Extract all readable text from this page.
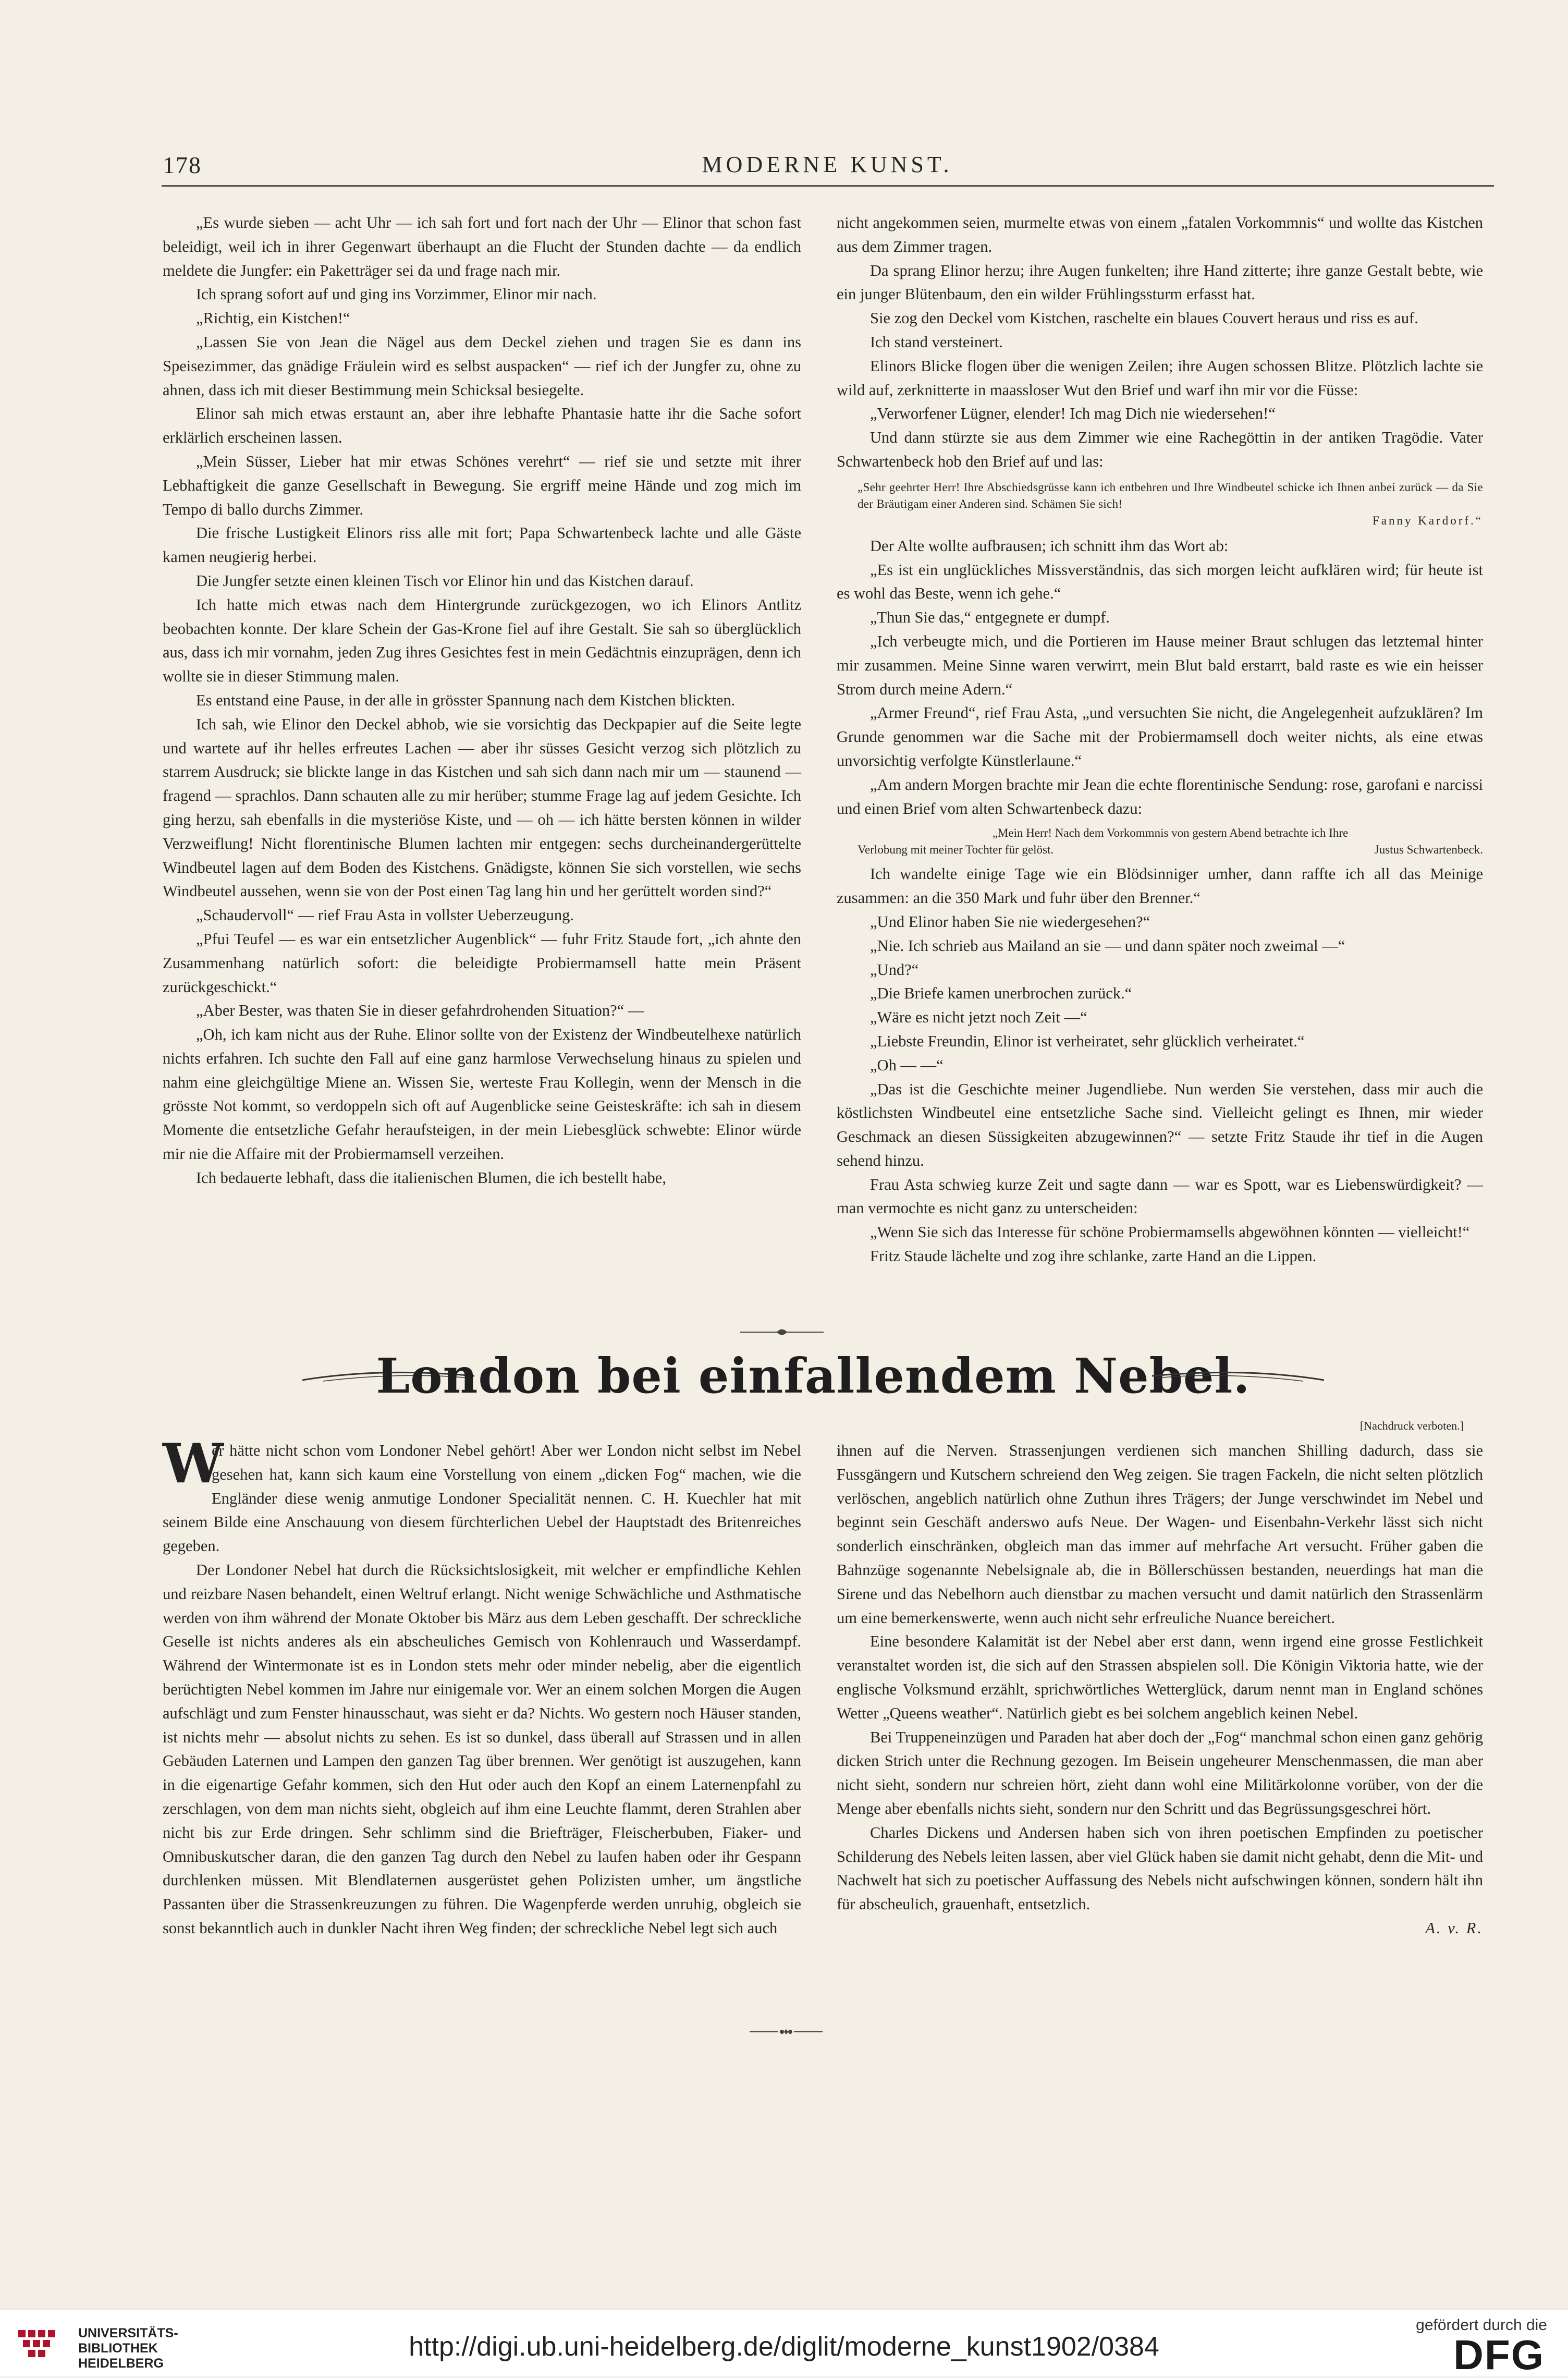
178	MODERNE KUNST.

„Es wurde sieben — acht Uhr — ich sah fort und fort nach der Uhr — Elinor that schon fast beleidigt, weil ich in ihrer Gegenwart überhaupt an die Flucht der Stunden dachte — da endlich meldete die Jungfer: ein Paketträger sei da und frage nach mir.

Ich sprang sofort auf und ging ins Vorzimmer, Elinor mir nach.

„Richtig, ein Kistchen!“

„Lassen Sie von Jean die Nägel aus dem Deckel ziehen und tragen Sie es dann ins Speisezimmer, das gnädige Fräulein wird es selbst auspacken“ — rief ich der Jungfer zu, ohne zu ahnen, dass ich mit dieser Bestimmung mein Schicksal besiegelte.

Elinor sah mich etwas erstaunt an, aber ihre lebhafte Phantasie hatte ihr die Sache sofort erklärlich erscheinen lassen.

„Mein Süsser, Lieber hat mir etwas Schönes verehrt“ — rief sie und setzte mit ihrer Lebhaftigkeit die ganze Gesellschaft in Bewegung. Sie ergriff meine Hände und zog mich im Tempo di ballo durchs Zimmer.

Die frische Lustigkeit Elinors riss alle mit fort; Papa Schwartenbeck lachte und alle Gäste kamen neugierig herbei.

Die Jungfer setzte einen kleinen Tisch vor Elinor hin und das Kistchen darauf.

Ich hatte mich etwas nach dem Hintergrunde zurückgezogen, wo ich Elinors Antlitz beobachten konnte. Der klare Schein der Gas-Krone fiel auf ihre Gestalt. Sie sah so überglücklich aus, dass ich mir vornahm, jeden Zug ihres Gesichtes fest in mein Gedächtnis einzuprägen, denn ich wollte sie in dieser Stimmung malen.

Es entstand eine Pause, in der alle in grösster Spannung nach dem Kistchen blickten.

Ich sah, wie Elinor den Deckel abhob, wie sie vorsichtig das Deckpapier auf die Seite legte und wartete auf ihr helles erfreutes Lachen — aber ihr süsses Gesicht verzog sich plötzlich zu starrem Ausdruck; sie blickte lange in das Kistchen und sah sich dann nach mir um — staunend — fragend — sprachlos. Dann schauten alle zu mir herüber; stumme Frage lag auf jedem Gesichte. Ich ging herzu, sah ebenfalls in die mysteriöse Kiste, und — oh — ich hätte bersten können in wilder Verzweiflung! Nicht florentinische Blumen lachten mir entgegen: sechs durcheinandergerüttelte Windbeutel lagen auf dem Boden des Kistchens. Gnädigste, können Sie sich vorstellen, wie sechs Windbeutel aussehen, wenn sie von der Post einen Tag lang hin und her gerüttelt worden sind?“

„Schaudervoll“ — rief Frau Asta in vollster Ueberzeugung.

„Pfui Teufel — es war ein entsetzlicher Augenblick“ — fuhr Fritz Staude fort, „ich ahnte den Zusammenhang natürlich sofort: die beleidigte Probiermamsell hatte mein Präsent zurückgeschickt.“

„Aber Bester, was thaten Sie in dieser gefahrdrohenden Situation?“ —

„Oh, ich kam nicht aus der Ruhe. Elinor sollte von der Existenz der Windbeutelhexe natürlich nichts erfahren. Ich suchte den Fall auf eine ganz harmlose Verwechselung hinaus zu spielen und nahm eine gleichgültige Miene an. Wissen Sie, werteste Frau Kollegin, wenn der Mensch in die grösste Not kommt, so verdoppeln sich oft auf Augenblicke seine Geisteskräfte: ich sah in diesem Momente die entsetzliche Gefahr heraufsteigen, in der mein Liebesglück schwebte: Elinor würde mir nie die Affaire mit der Probiermamsell verzeihen.

Ich bedauerte lebhaft, dass die italienischen Blumen, die ich bestellt habe,

nicht angekommen seien, murmelte etwas von einem „fatalen Vorkommnis“ und wollte das Kistchen aus dem Zimmer tragen.

Da sprang Elinor herzu; ihre Augen funkelten; ihre Hand zitterte; ihre ganze Gestalt bebte, wie ein junger Blütenbaum, den ein wilder Frühlingssturm erfasst hat.

Sie zog den Deckel vom Kistchen, raschelte ein blaues Couvert heraus und riss es auf.

Ich stand versteinert.

Elinors Blicke flogen über die wenigen Zeilen; ihre Augen schossen Blitze. Plötzlich lachte sie wild auf, zerknitterte in maassloser Wut den Brief und warf ihn mir vor die Füsse:

„Verworfener Lügner, elender! Ich mag Dich nie wiedersehen!“

Und dann stürzte sie aus dem Zimmer wie eine Rachegöttin in der antiken Tragödie. Vater Schwartenbeck hob den Brief auf und las:

„Sehr geehrter Herr! Ihre Abschiedsgrüsse kann ich entbehren und Ihre Windbeutel schicke ich Ihnen anbei zurück — da Sie der Bräutigam einer Anderen sind. Schämen Sie sich!
Fanny Kardorf.“

Der Alte wollte aufbrausen; ich schnitt ihm das Wort ab:

„Es ist ein unglückliches Missverständnis, das sich morgen leicht aufklären wird; für heute ist es wohl das Beste, wenn ich gehe.“

„Thun Sie das,“ entgegnete er dumpf.

„Ich verbeugte mich, und die Portieren im Hause meiner Braut schlugen das letztemal hinter mir zusammen. Meine Sinne waren verwirrt, mein Blut bald erstarrt, bald raste es wie ein heisser Strom durch meine Adern.“

„Armer Freund“, rief Frau Asta, „und versuchten Sie nicht, die Angelegenheit aufzuklären? Im Grunde genommen war die Sache mit der Probiermamsell doch weiter nichts, als eine etwas unvorsichtig verfolgte Künstlerlaune.“

„Am andern Morgen brachte mir Jean die echte florentinische Sendung: rose, garofani e narcissi und einen Brief vom alten Schwartenbeck dazu:

„Mein Herr! Nach dem Vorkommnis von gestern Abend betrachte ich Ihre
Verlobung mit meiner Tochter für gelöst.	Justus Schwartenbeck.

Ich wandelte einige Tage wie ein Blödsinniger umher, dann raffte ich all das Meinige zusammen: an die 350 Mark und fuhr über den Brenner.“

„Und Elinor haben Sie nie wiedergesehen?“

„Nie. Ich schrieb aus Mailand an sie — und dann später noch zweimal —“

„Und?“

„Die Briefe kamen unerbrochen zurück.“

„Wäre es nicht jetzt noch Zeit —“

„Liebste Freundin, Elinor ist verheiratet, sehr glücklich verheiratet.“

„Oh — —“

„Das ist die Geschichte meiner Jugendliebe. Nun werden Sie verstehen, dass mir auch die köstlichsten Windbeutel eine entsetzliche Sache sind. Vielleicht gelingt es Ihnen, mir wieder Geschmack an diesen Süssigkeiten abzugewinnen?“ — setzte Fritz Staude ihr tief in die Augen sehend hinzu.

Frau Asta schwieg kurze Zeit und sagte dann — war es Spott, war es Liebenswürdigkeit? — man vermochte es nicht ganz zu unterscheiden:

„Wenn Sie sich das Interesse für schöne Probiermamsells abgewöhnen könnten — vielleicht!“

Fritz Staude lächelte und zog ihre schlanke, zarte Hand an die Lippen.

London bei einfallendem Nebel.
[Nachdruck verboten.]

W
er hätte nicht schon vom Londoner Nebel gehört! Aber wer London nicht selbst im Nebel gesehen hat, kann sich kaum eine Vorstellung von einem „dicken Fog“ machen, wie die Engländer diese wenig anmutige Londoner Specialität nennen. C. H. Kuechler hat mit seinem Bilde eine Anschauung von diesem fürchterlichen Uebel der Hauptstadt des Britenreiches gegeben.

Der Londoner Nebel hat durch die Rücksichtslosigkeit, mit welcher er empfindliche Kehlen und reizbare Nasen behandelt, einen Weltruf erlangt. Nicht wenige Schwächliche und Asthmatische werden von ihm während der Monate Oktober bis März aus dem Leben geschafft. Der schreckliche Geselle ist nichts anderes als ein abscheuliches Gemisch von Kohlenrauch und Wasserdampf. Während der Wintermonate ist es in London stets mehr oder minder nebelig, aber die eigentlich berüchtigten Nebel kommen im Jahre nur einigemale vor. Wer an einem solchen Morgen die Augen aufschlägt und zum Fenster hinausschaut, was sieht er da? Nichts. Wo gestern noch Häuser standen, ist nichts mehr — absolut nichts zu sehen. Es ist so dunkel, dass überall auf Strassen und in allen Gebäuden Laternen und Lampen den ganzen Tag über brennen. Wer genötigt ist auszugehen, kann in die eigenartige Gefahr kommen, sich den Hut oder auch den Kopf an einem Laternenpfahl zu zerschlagen, von dem man nichts sieht, obgleich auf ihm eine Leuchte flammt, deren Strahlen aber nicht bis zur Erde dringen. Sehr schlimm sind die Briefträger, Fleischerbuben, Fiaker- und Omnibuskutscher daran, die den ganzen Tag durch den Nebel zu laufen haben oder ihr Gespann durchlenken müssen. Mit Blendlaternen ausgerüstet gehen Polizisten umher, um ängstliche Passanten über die Strassenkreuzungen zu führen. Die Wagenpferde werden unruhig, obgleich sie sonst bekanntlich auch in dunkler Nacht ihren Weg finden; der schreckliche Nebel legt sich auch

ihnen auf die Nerven. Strassenjungen verdienen sich manchen Shilling dadurch, dass sie Fussgängern und Kutschern schreiend den Weg zeigen. Sie tragen Fackeln, die nicht selten plötzlich verlöschen, angeblich natürlich ohne Zuthun ihres Trägers; der Junge verschwindet im Nebel und beginnt sein Geschäft anderswo aufs Neue. Der Wagen- und Eisenbahn-Verkehr lässt sich nicht sonderlich einschränken, obgleich man das immer auf mehrfache Art versucht. Früher gaben die Bahnzüge sogenannte Nebelsignale ab, die in Böllerschüssen bestanden, neuerdings hat man die Sirene und das Nebelhorn auch dienstbar zu machen versucht und damit natürlich den Strassenlärm um eine bemerkenswerte, wenn auch nicht sehr erfreuliche Nuance bereichert.

Eine besondere Kalamität ist der Nebel aber erst dann, wenn irgend eine grosse Festlichkeit veranstaltet worden ist, die sich auf den Strassen abspielen soll. Die Königin Viktoria hatte, wie der englische Volksmund erzählt, sprichwörtliches Wetterglück, darum nennt man in England schönes Wetter „Queens weather“. Natürlich giebt es bei solchem angeblich keinen Nebel.

Bei Truppeneinzügen und Paraden hat aber doch der „Fog“ manchmal schon einen ganz gehörig dicken Strich unter die Rechnung gezogen. Im Beisein ungeheurer Menschenmassen, die man aber nicht sieht, sondern nur schreien hört, zieht dann wohl eine Militärkolonne vorüber, von der die Menge aber ebenfalls nichts sieht, sondern nur den Schritt und das Begrüssungsgeschrei hört.

Charles Dickens und Andersen haben sich von ihren poetischen Empfinden zu poetischer Schilderung des Nebels leiten lassen, aber viel Glück haben sie damit nicht gehabt, denn die Mit- und Nachwelt hat sich zu poetischer Auffassung des Nebels nicht aufschwingen können, sondern hält ihn für abscheulich, grauenhaft, entsetzlich.

A. v. R.
UNIVERSITÄTS-
BIBLIOTHEK
HEIDELBERG
http://digi.ub.uni-heidelberg.de/diglit/moderne_kunst1902/0384
gefördert durch die
DFG
